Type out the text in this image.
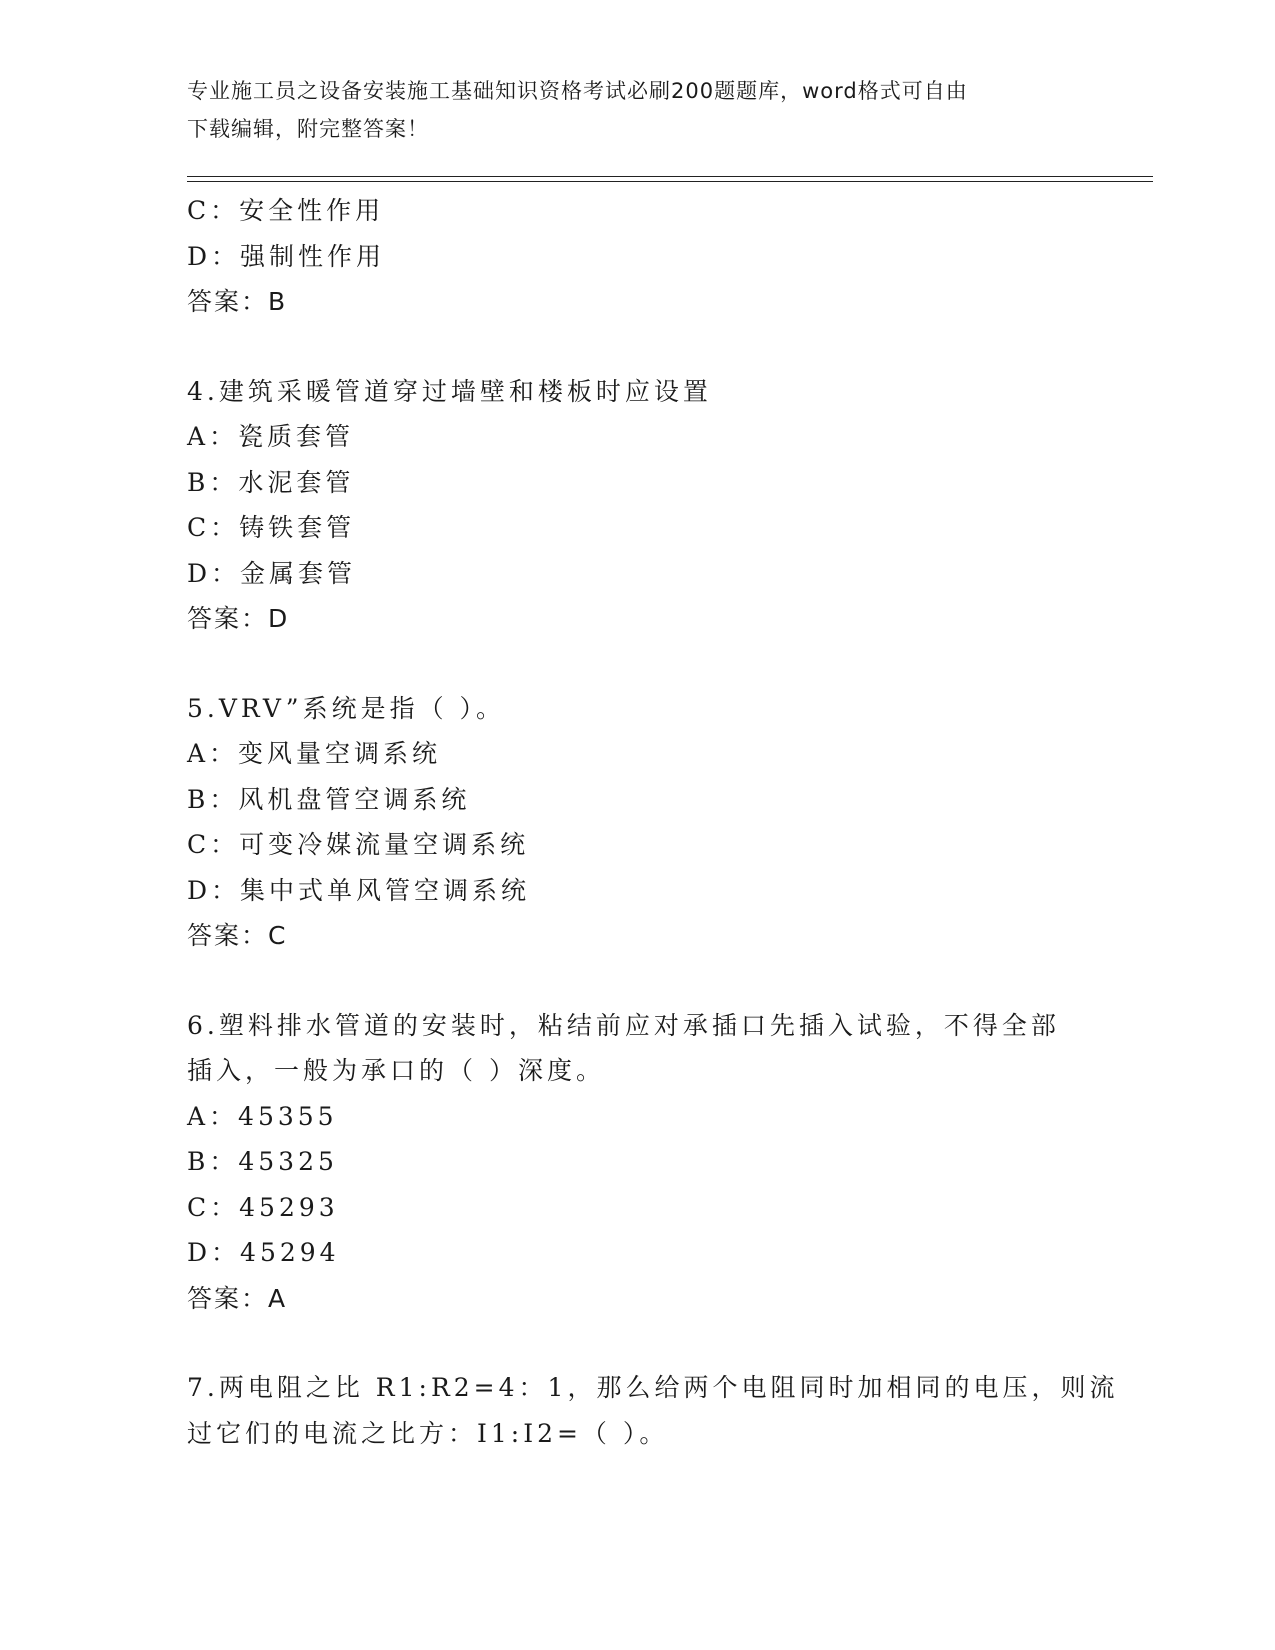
专业施工员之设备安装施工基础知识资格考试必刷200题题库，word格式可自由
下载编辑，附完整答案！
C：安全性作用
D：强制性作用
答案：B
4.建筑采暖管道穿过墙壁和楼板时应设置
A：瓷质套管
B：水泥套管
C：铸铁套管
D：金属套管
答案：D
5.VRV”系统是指（ ）。
A：变风量空调系统
B：风机盘管空调系统
C：可变冷媒流量空调系统
D：集中式单风管空调系统
答案：C
6.塑料排水管道的安装时，粘结前应对承插口先插入试验，不得全部
插入，一般为承口的（ ）深度。
A：45355
B：45325
C：45293
D：45294
答案：A
7.两电阻之比 R1:R2=4：1，那么给两个电阻同时加相同的电压，则流
过它们的电流之比方：I1:I2=（ ）。
